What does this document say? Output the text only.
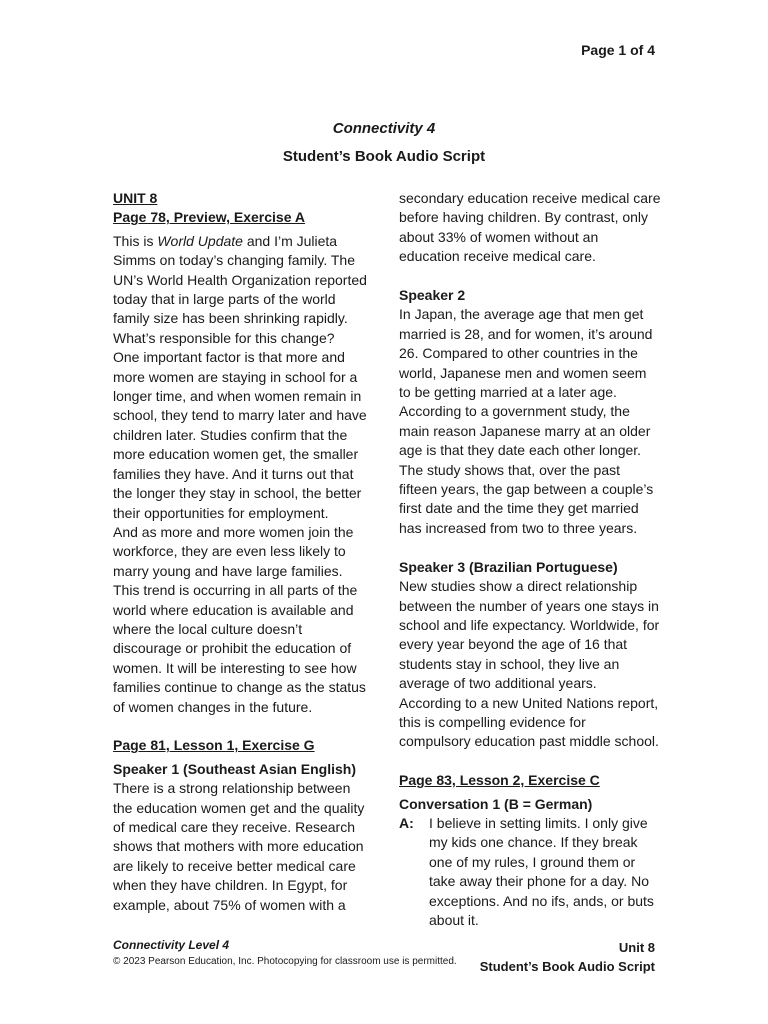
Page 1 of 4
Connectivity 4
Student’s Book Audio Script

UNIT 8

Page 78, Preview, Exercise A

This is World Update and I’m Julieta Simms on today’s changing family. The UN’s World Health Organization reported today that in large parts of the world family size has been shrinking rapidly. What’s responsible for this change?

One important factor is that more and more women are staying in school for a longer time, and when women remain in school, they tend to marry later and have children later. Studies confirm that the more education women get, the smaller families they have. And it turns out that the longer they stay in school, the better their opportunities for employment.

And as more and more women join the workforce, they are even less likely to marry young and have large families. This trend is occurring in all parts of the world where education is available and where the local culture doesn’t discourage or prohibit the education of women. It will be interesting to see how families continue to change as the status of women changes in the future.

Page 81, Lesson 1, Exercise G

Speaker 1 (Southeast Asian English)

There is a strong relationship between the education women get and the quality of medical care they receive. Research shows that mothers with more education are likely to receive better medical care when they have children. In Egypt, for example, about 75% of women with a

secondary education receive medical care before having children. By contrast, only about 33% of women without an education receive medical care.

Speaker 2

In Japan, the average age that men get married is 28, and for women, it’s around 26. Compared to other countries in the world, Japanese men and women seem to be getting married at a later age. According to a government study, the main reason Japanese marry at an older age is that they date each other longer. The study shows that, over the past fifteen years, the gap between a couple’s first date and the time they get married has increased from two to three years.

Speaker 3 (Brazilian Portuguese)

New studies show a direct relationship between the number of years one stays in school and life expectancy. Worldwide, for every year beyond the age of 16 that students stay in school, they live an average of two additional years. According to a new United Nations report, this is compelling evidence for compulsory education past middle school.

Page 83, Lesson 2, Exercise C

Conversation 1 (B = German)

A:	I believe in setting limits. I only give my kids one chance. If they break one of my rules, I ground them or take away their phone for a day. No exceptions. And no ifs, ands, or buts about it.
Connectivity Level 4
© 2023 Pearson Education, Inc. Photocopying for classroom use is permitted.
Unit 8
Student’s Book Audio Script
